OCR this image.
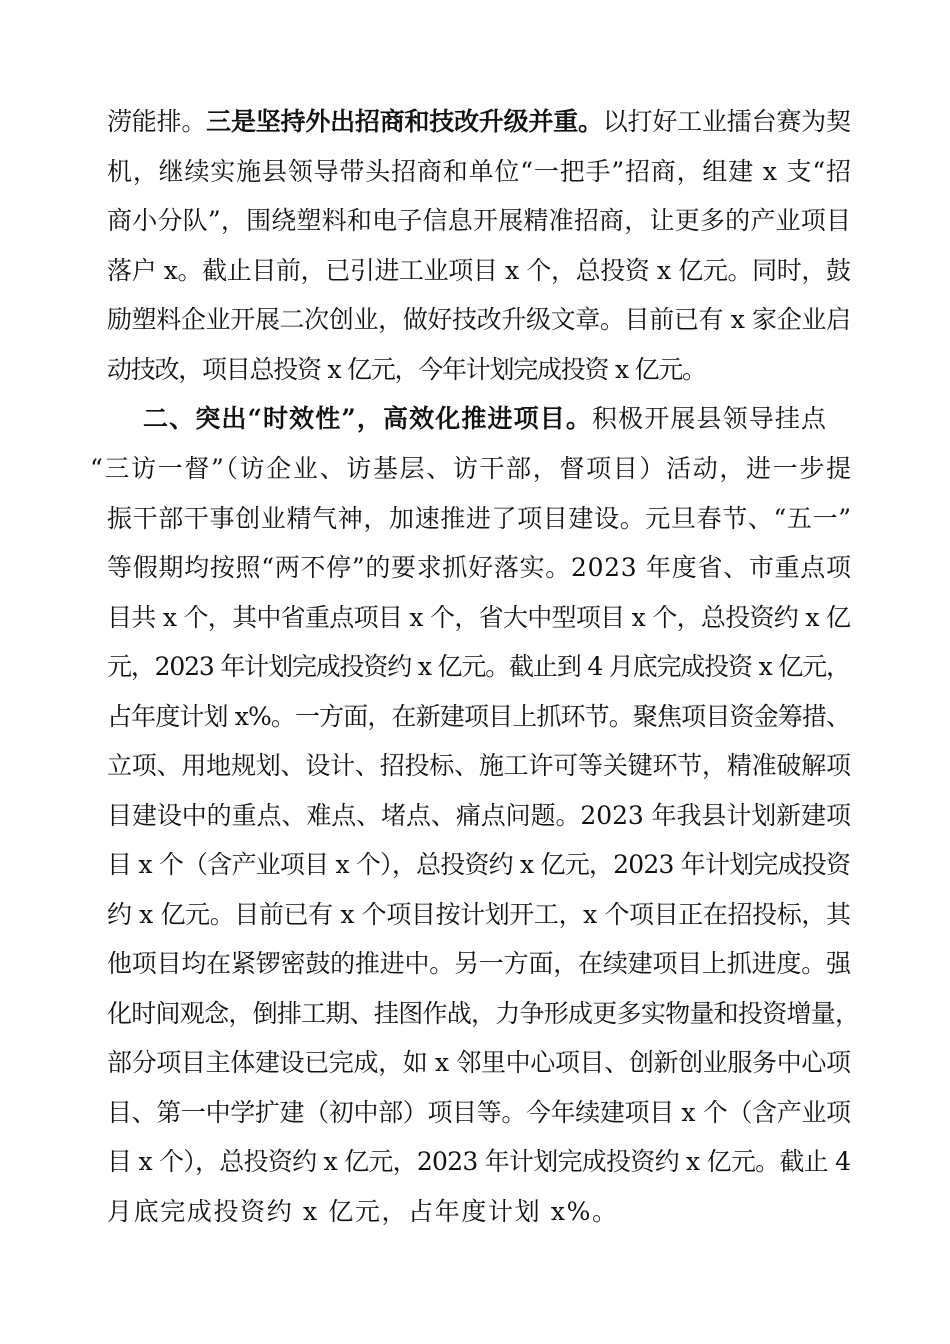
涝能排。三是坚持外出招商和技改升级并重。以打好工业擂台赛为契
机，继续实施县领导带头招商和单位“一把手”招商，组建 x 支“招
商小分队”，围绕塑料和电子信息开展精准招商，让更多的产业项目
落户 x。截止目前，已引进工业项目 x 个，总投资 x 亿元。同时，鼓
励塑料企业开展二次创业，做好技改升级文章。目前已有 x 家企业启
动技改，项目总投资 x 亿元，今年计划完成投资 x 亿元。
二、突出“时效性”，高效化推进项目。积极开展县领导挂点
“三访一督”（访企业、访基层、访干部，督项目）活动，进一步提
振干部干事创业精气神，加速推进了项目建设。元旦春节、“五一”
等假期均按照“两不停”的要求抓好落实。2023 年度省、市重点项
目共 x 个，其中省重点项目 x 个，省大中型项目 x 个，总投资约 x 亿
元，2023 年计划完成投资约 x 亿元。截止到 4 月底完成投资 x 亿元，
占年度计划 x%。一方面，在新建项目上抓环节。聚焦项目资金筹措、
立项、用地规划、设计、招投标、施工许可等关键环节，精准破解项
目建设中的重点、难点、堵点、痛点问题。2023 年我县计划新建项
目 x 个（含产业项目 x 个），总投资约 x 亿元，2023 年计划完成投资
约 x 亿元。目前已有 x 个项目按计划开工，x 个项目正在招投标，其
他项目均在紧锣密鼓的推进中。另一方面，在续建项目上抓进度。强
化时间观念，倒排工期、挂图作战，力争形成更多实物量和投资增量，
部分项目主体建设已完成，如 x 邻里中心项目、创新创业服务中心项
目、第一中学扩建（初中部）项目等。今年续建项目 x 个（含产业项
目 x 个），总投资约 x 亿元，2023 年计划完成投资约 x 亿元。截止 4
月底完成投资约 x 亿元，占年度计划 x%。
